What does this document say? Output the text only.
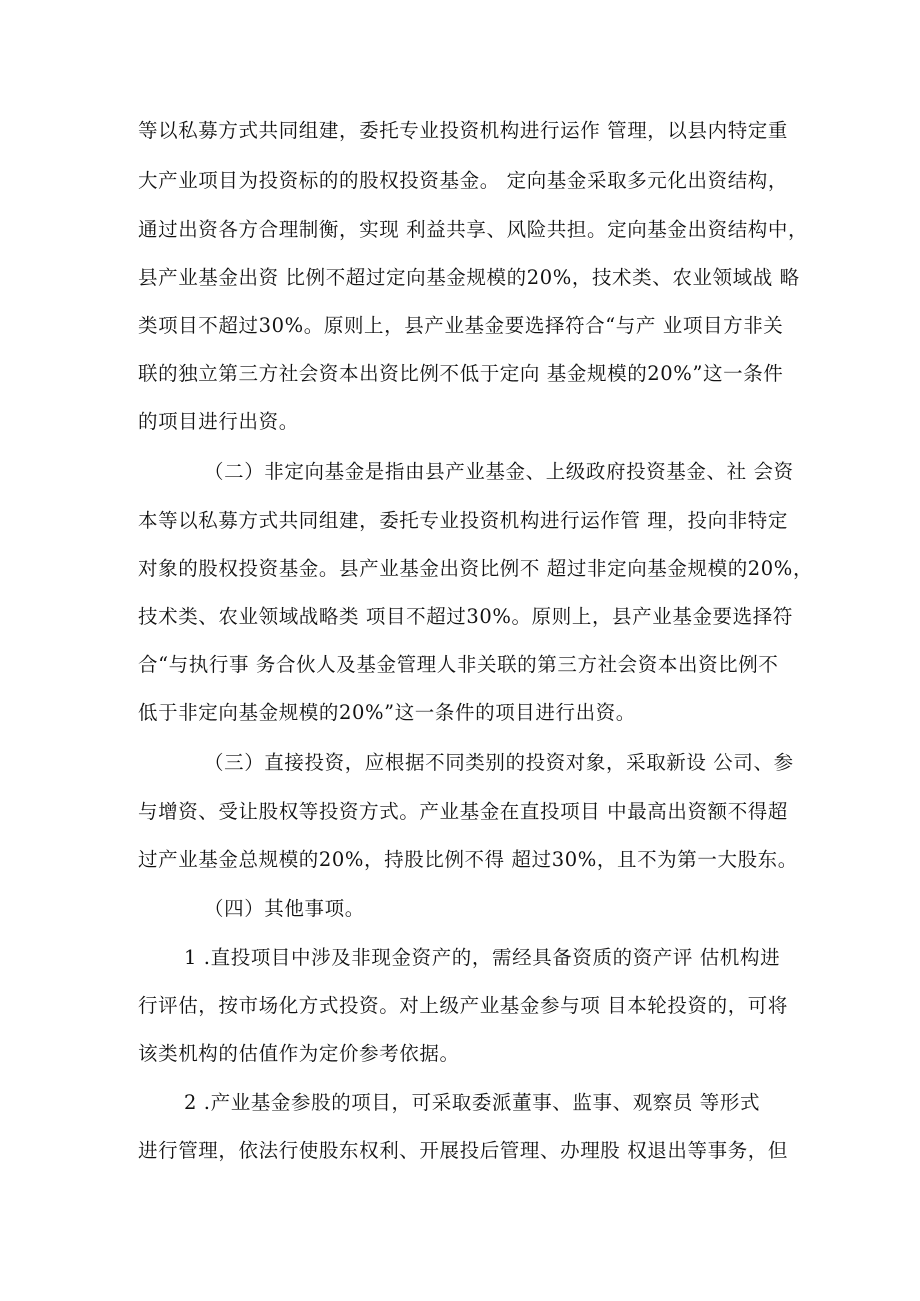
等以私募方式共同组建，委托专业投资机构进行运作 管理，以县内特定重
大产业项目为投资标的的股权投资基金。 定向基金采取多元化出资结构，
通过出资各方合理制衡，实现 利益共享、风险共担。定向基金出资结构中，
县产业基金出资 比例不超过定向基金规模的20%，技术类、农业领域战 略
类项目不超过30%。原则上，县产业基金要选择符合“与产 业项目方非关
联的独立第三方社会资本出资比例不低于定向 基金规模的20%”这一条件
的项目进行出资。
（二）非定向基金是指由县产业基金、上级政府投资基金、社 会资
本等以私募方式共同组建，委托专业投资机构进行运作管 理，投向非特定
对象的股权投资基金。县产业基金出资比例不 超过非定向基金规模的20%，
技术类、农业领域战略类 项目不超过30%。原则上，县产业基金要选择符
合“与执行事 务合伙人及基金管理人非关联的第三方社会资本出资比例不
低于非定向基金规模的20%”这一条件的项目进行出资。
（三）直接投资，应根据不同类别的投资对象，采取新设 公司、参
与增资、受让股权等投资方式。产业基金在直投项目 中最高出资额不得超
过产业基金总规模的20%，持股比例不得 超过30%，且不为第一大股东。
（四）其他事项。
1 .直投项目中涉及非现金资产的，需经具备资质的资产评 估机构进
行评估，按市场化方式投资。对上级产业基金参与项 目本轮投资的，可将
该类机构的估值作为定价参考依据。
2 .产业基金参股的项目，可采取委派董事、监事、观察员 等形式
进行管理，依法行使股东权利、开展投后管理、办理股 权退出等事务，但
